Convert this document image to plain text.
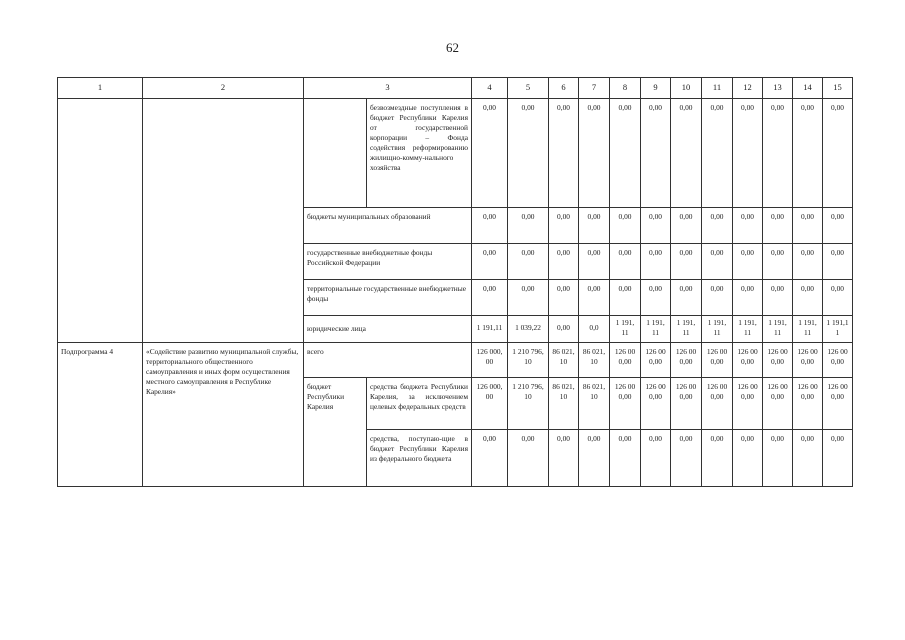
62
1	2	3		4	5	6	7	8	9	10	11	12	13	14	15
			безвозмездные поступления в бюджет Республики Карелия от государственной корпорации – Фонда содействия реформированию жилищно-комму-нального хозяйства	0,00	0,00	0,00	0,00	0,00	0,00	0,00	0,00	0,00	0,00	0,00	0,00
		бюджеты муниципальных образований		0,00	0,00	0,00	0,00	0,00	0,00	0,00	0,00	0,00	0,00	0,00	0,00
		государственные внебюджетные фонды Российской Федерации		0,00	0,00	0,00	0,00	0,00	0,00	0,00	0,00	0,00	0,00	0,00	0,00
		территориальные государственные внебюджетные фонды		0,00	0,00	0,00	0,00	0,00	0,00	0,00	0,00	0,00	0,00	0,00	0,00
		юридические лица		1 191,11	1 039,22	0,00	0,0	1 191, 11	1 191, 11	1 191, 11	1 191, 11	1 191, 11	1 191, 11	1 191, 11	1 191,11
Подпрограмма 4	«Содействие развитию муниципальной службы, территориального общественного самоуправления и иных форм осуществления местного самоуправления в Республике Карелия»	всего		126 000,00	1 210 796,10	86 021,10	86 021,10	126 000,00	126 000,00	126 000,00	126 000,00	126 000,00	126 000,00	126 000,00	126 000,00
		бюджет Республики Карелия	средства бюджета Республики Карелия, за исключением целевых федеральных средств	126 000,00	1 210 796,10	86 021,10	86 021,10	126 000,00	126 000,00	126 000,00	126 000,00	126 000,00	126 000,00	126 000,00	126 000,00
			средства, поступаю-щие в бюджет Республики Карелия из федерального бюджета	0,00	0,00	0,00	0,00	0,00	0,00	0,00	0,00	0,00	0,00	0,00	0,00
